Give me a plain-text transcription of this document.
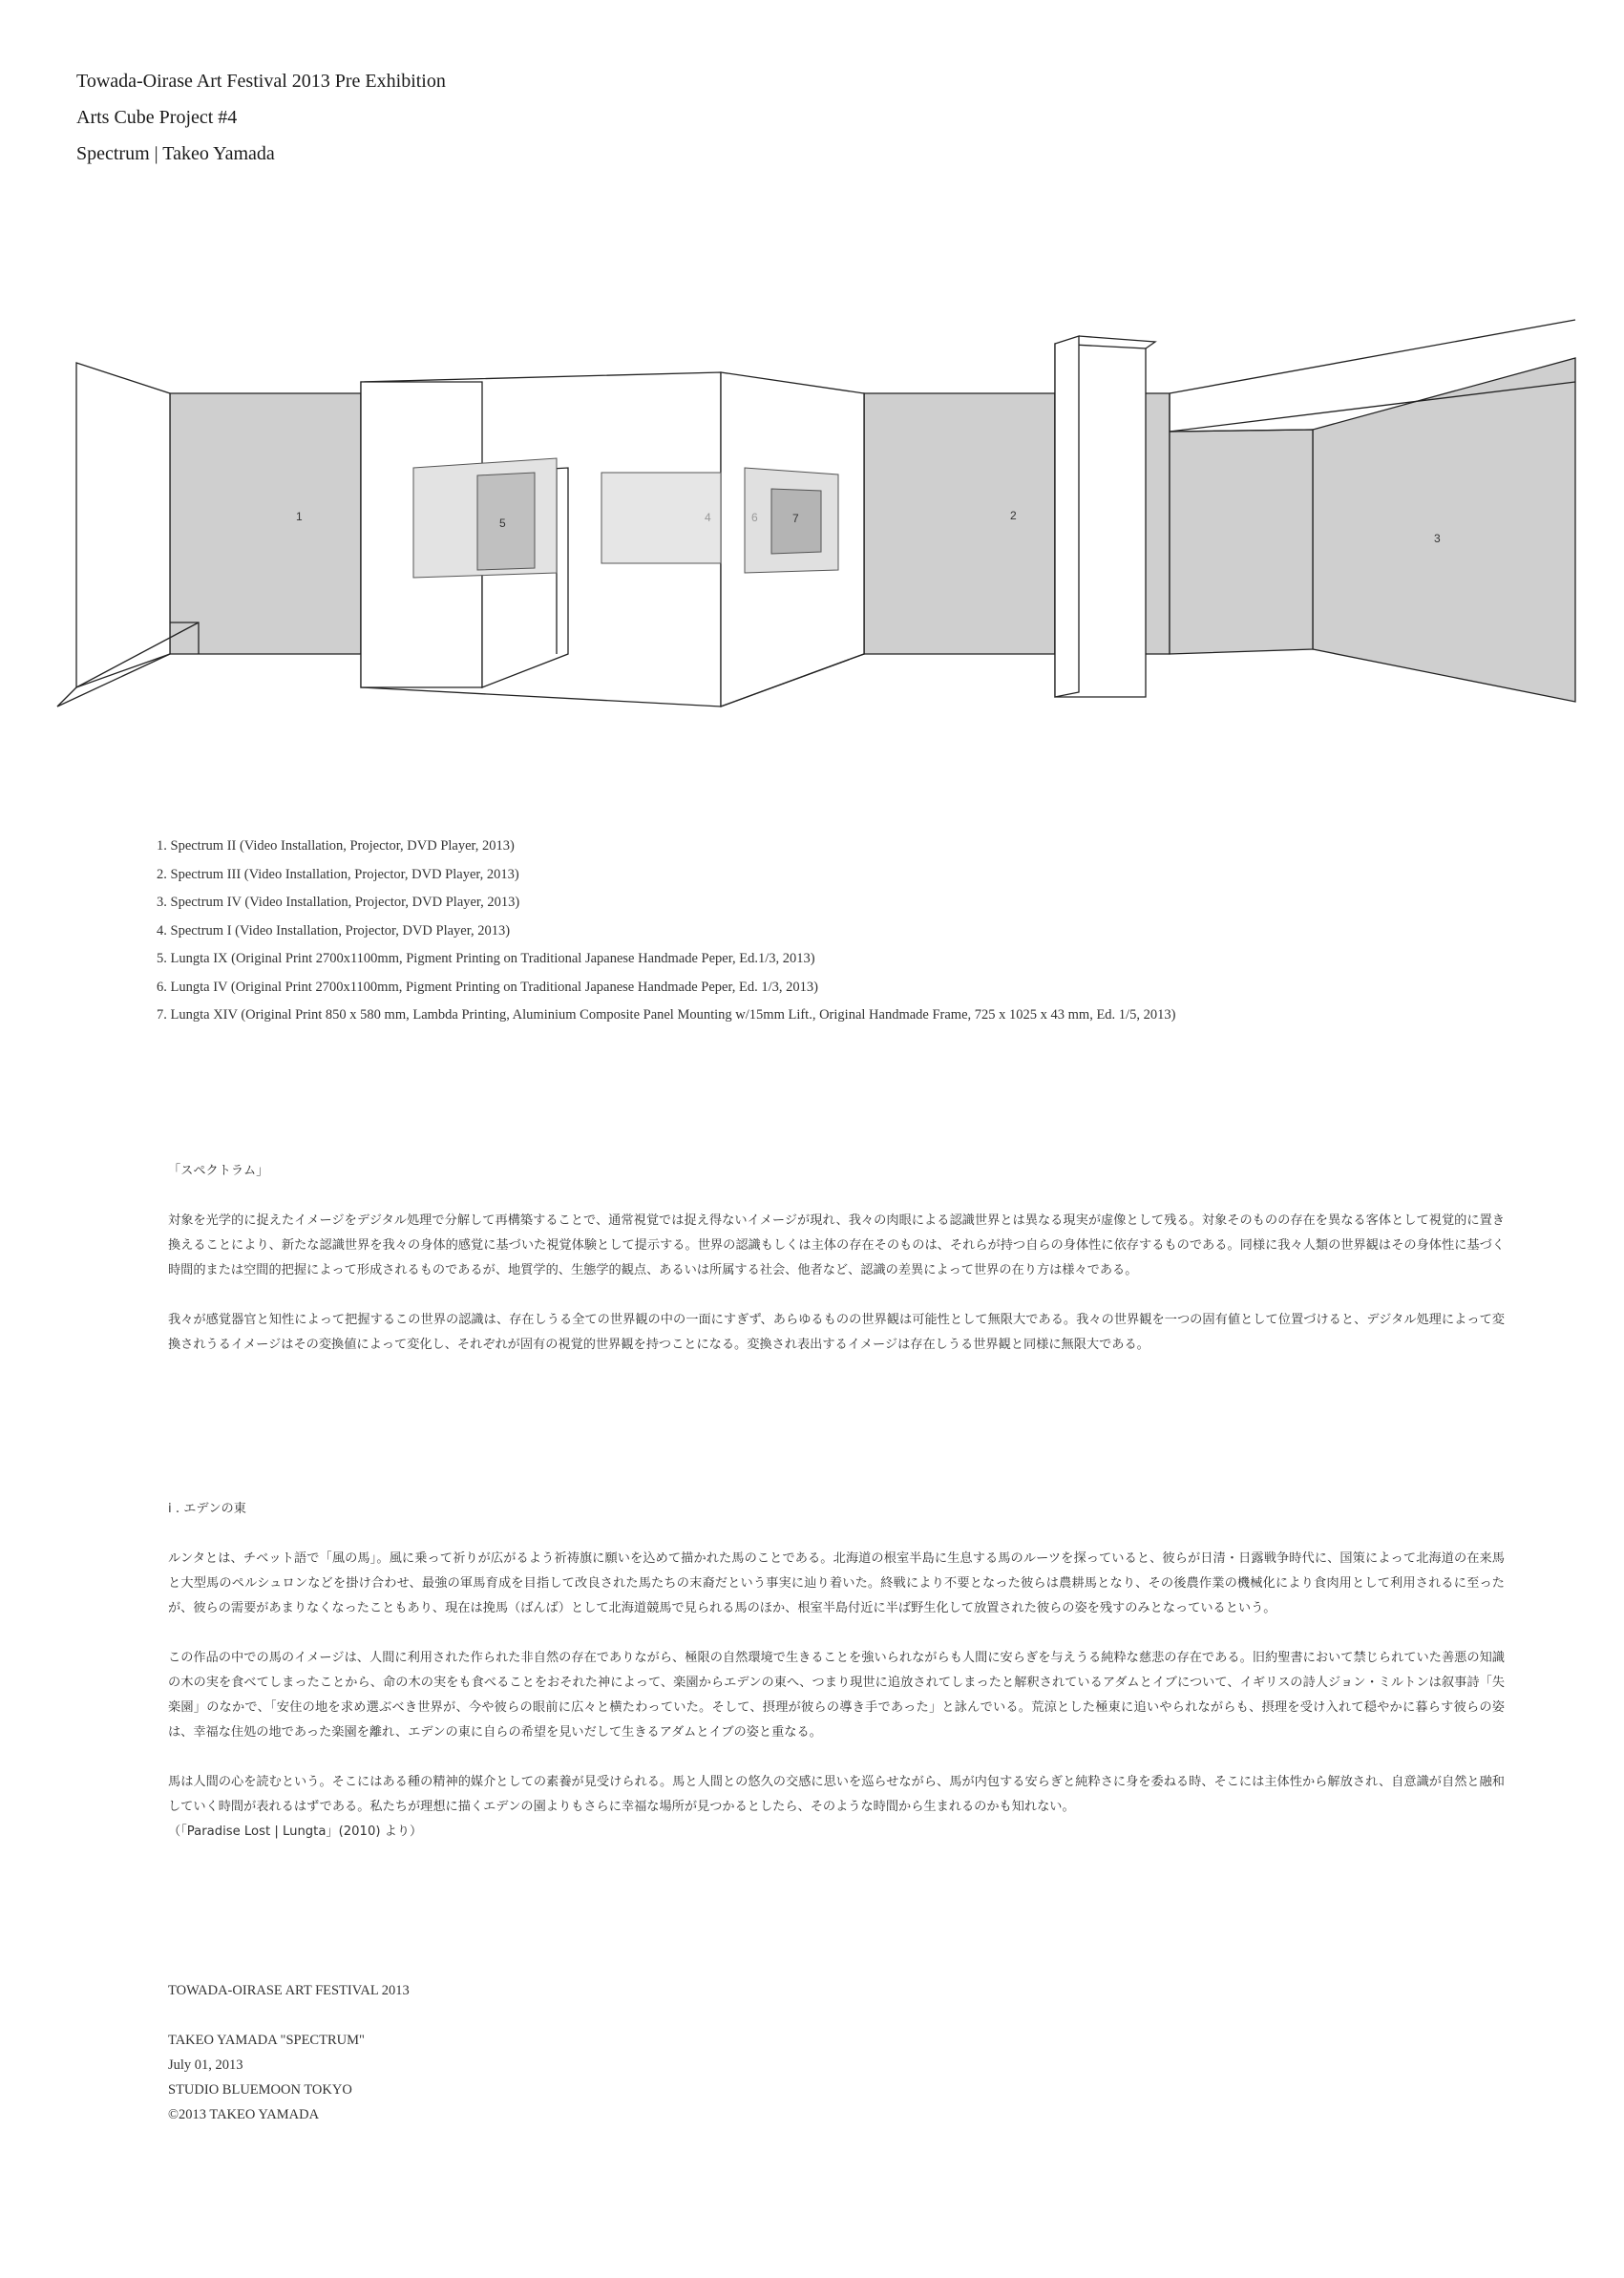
Towada-Oirase Art Festival 2013 Pre Exhibition
Arts Cube Project #4
Spectrum | Takeo Yamada
1	5	4	6	7	2
3
1. Spectrum II (Video Installation, Projector, DVD Player, 2013)
2. Spectrum III (Video Installation, Projector, DVD Player, 2013)
3. Spectrum IV (Video Installation, Projector, DVD Player, 2013)
4. Spectrum I (Video Installation, Projector, DVD Player, 2013)
5. Lungta IX (Original Print 2700x1100mm, Pigment Printing on Traditional Japanese Handmade Peper, Ed.1/3, 2013)
6. Lungta IV (Original Print 2700x1100mm, Pigment Printing on Traditional Japanese Handmade Peper, Ed. 1/3, 2013)
7. Lungta XIV (Original Print 850 x 580 mm, Lambda Printing, Aluminium Composite Panel Mounting w/15mm Lift., Original Handmade Frame, 725 x 1025 x 43 mm, Ed. 1/5, 2013)

「スペクトラム」

対象を光学的に捉えたイメージをデジタル処理で分解して再構築することで、通常視覚では捉え得ないイメージが現れ、我々の肉眼による認識世界とは異なる現実が虚像として残る。対象そのものの存在を異なる客体として視覚的に置き換えることにより、新たな認識世界を我々の身体的感覚に基づいた視覚体験として提示する。世界の認識もしくは主体の存在そのものは、それらが持つ自らの身体性に依存するものである。同様に我々人類の世界観はその身体性に基づく時間的または空間的把握によって形成されるものであるが、地質学的、生態学的観点、あるいは所属する社会、他者など、認識の差異によって世界の在り方は様々である。

我々が感覚器官と知性によって把握するこの世界の認識は、存在しうる全ての世界観の中の一面にすぎず、あらゆるものの世界観は可能性として無限大である。我々の世界観を一つの固有値として位置づけると、デジタル処理によって変換されうるイメージはその変換値によって変化し、それぞれが固有の視覚的世界観を持つことになる。変換され表出するイメージは存在しうる世界観と同様に無限大である。

i . エデンの東

ルンタとは、チベット語で「風の馬」。風に乗って祈りが広がるよう祈祷旗に願いを込めて描かれた馬のことである。北海道の根室半島に生息する馬のルーツを探っていると、彼らが日清・日露戦争時代に、国策によって北海道の在来馬と大型馬のペルシュロンなどを掛け合わせ、最強の軍馬育成を目指して改良された馬たちの末裔だという事実に辿り着いた。終戦により不要となった彼らは農耕馬となり、その後農作業の機械化により食肉用として利用されるに至ったが、彼らの需要があまりなくなったこともあり、現在は挽馬（ばんば）として北海道競馬で見られる馬のほか、根室半島付近に半ば野生化して放置された彼らの姿を残すのみとなっているという。

この作品の中での馬のイメージは、人間に利用された作られた非自然の存在でありながら、極限の自然環境で生きることを強いられながらも人間に安らぎを与えうる純粋な慈悲の存在である。旧約聖書において禁じられていた善悪の知識の木の実を食べてしまったことから、命の木の実をも食べることをおそれた神によって、楽園からエデンの東へ、つまり現世に追放されてしまったと解釈されているアダムとイブについて、イギリスの詩人ジョン・ミルトンは叙事詩「失楽園」のなかで、「安住の地を求め選ぶべき世界が、今や彼らの眼前に広々と横たわっていた。そして、摂理が彼らの導き手であった」と詠んでいる。荒涼とした極東に追いやられながらも、摂理を受け入れて穏やかに暮らす彼らの姿は、幸福な住処の地であった楽園を離れ、エデンの東に自らの希望を見いだして生きるアダムとイブの姿と重なる。

馬は人間の心を読むという。そこにはある種の精神的媒介としての素養が見受けられる。馬と人間との悠久の交感に思いを巡らせながら、馬が内包する安らぎと純粋さに身を委ねる時、そこには主体性から解放され、自意識が自然と融和していく時間が表れるはずである。私たちが理想に描くエデンの園よりもさらに幸福な場所が見つかるとしたら、そのような時間から生まれるのかも知れない。

（「Paradise Lost | Lungta」(2010) より）

TOWADA-OIRASE ART FESTIVAL 2013
TAKEO YAMADA "SPECTRUM"
July 01, 2013
STUDIO BLUEMOON TOKYO
©2013 TAKEO YAMADA
